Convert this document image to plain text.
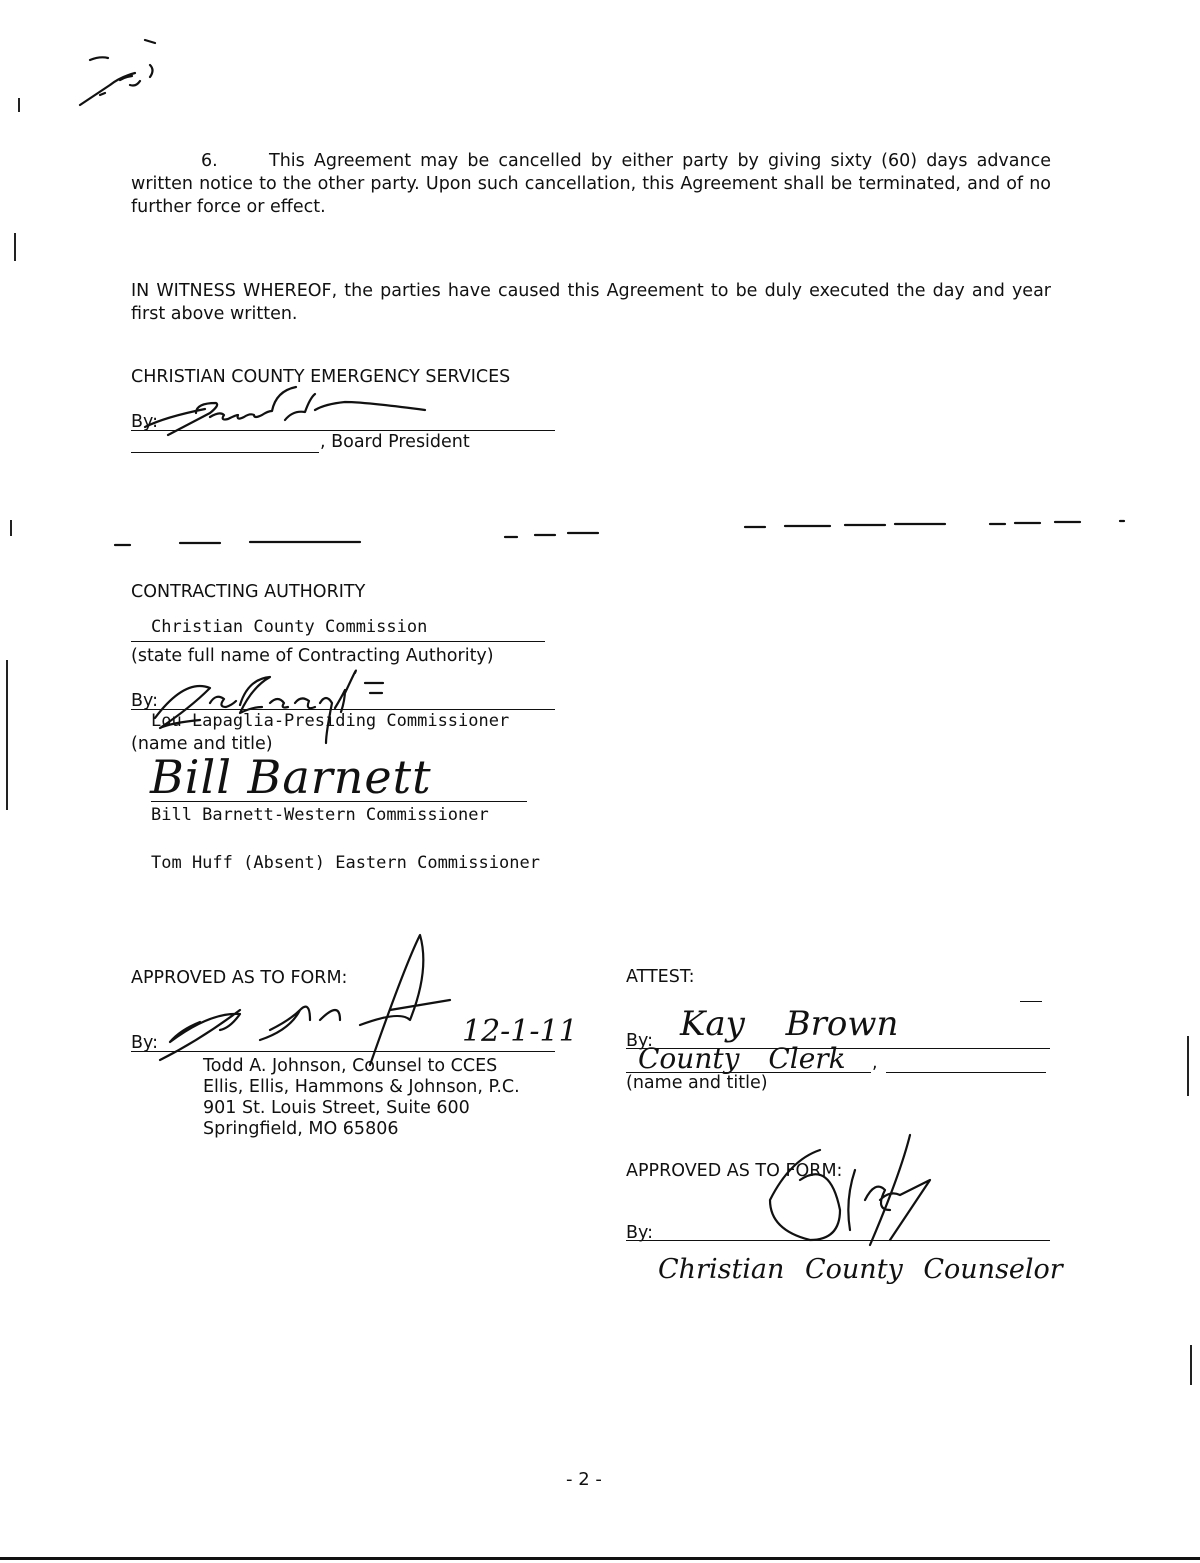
6.	This Agreement may be cancelled by either party by giving sixty (60) days advance written notice to the other party. Upon such cancellation, this Agreement shall be terminated, and of no further force or effect.
IN WITNESS WHEREOF, the parties have caused this Agreement to be duly executed the day and year first above written.
CHRISTIAN COUNTY EMERGENCY SERVICES
By:
, Board President
CONTRACTING AUTHORITY
Christian County Commission
(state full name of Contracting Authority)
By:
Lou Lapaglia-Presiding Commissioner
(name and title)
Bill Barnett
Bill Barnett-Western Commissioner
Tom Huff (Absent) Eastern Commissioner
APPROVED AS TO FORM:
By:	12-1-11
Todd A. Johnson, Counsel to CCES
Ellis, Ellis, Hammons & Johnson, P.C.
901 St. Louis Street, Suite 600
Springfield, MO 65806
ATTEST:
By: Kay Brown
County Clerk ,
(name and title)
APPROVED AS TO FORM:
By:
Christian County Counselor
- 2 -
